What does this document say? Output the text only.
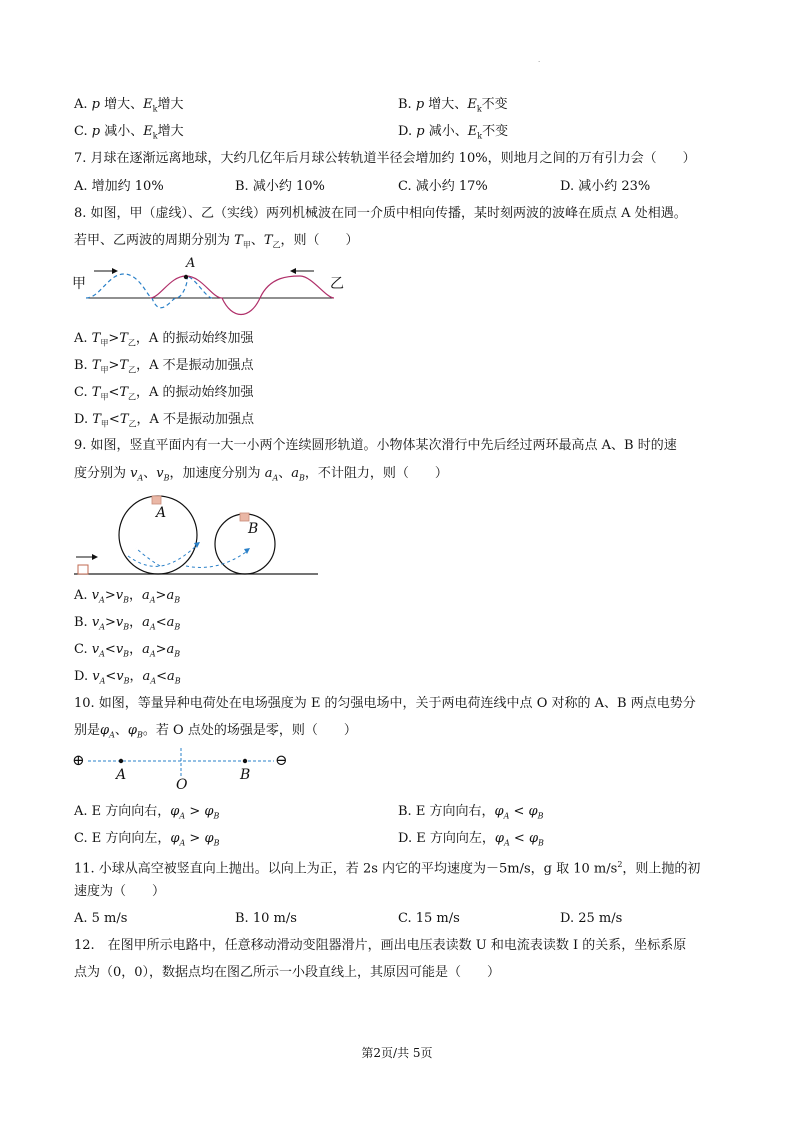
.
A. p 增大、$E_k$增大	B. p 增大、$E_k$不变
C. p 减小、$E_k$增大	D. p 减小、$E_k$不变
7. 月球在逐渐远离地球，大约几亿年后月球公转轨道半径会增加约 10%，则地月之间的万有引力会（　　）
A. 增加约 10%	B. 减小约 10%	C. 减小约 17%	D. 减小约 23%
8. 如图，甲（虚线）、乙（实线）两列机械波在同一介质中相向传播，某时刻两波的波峰在质点 A 处相遇。
若甲、乙两波的周期分别为 $T_甲$、$T_乙$，则（　　）
甲	乙
A
A. $T_甲>T_乙$，A 的振动始终加强
B. $T_甲>T_乙$，A 不是振动加强点
C. $T_甲<T_乙$，A 的振动始终加强
D. $T_甲<T_乙$，A 不是振动加强点
9. 如图，竖直平面内有一大一小两个连续圆形轨道。小物体某次滑行中先后经过两环最高点 A、B 时的速
度分别为 $v_A$、$v_B$，加速度分别为 $a_A$、$a_B$，不计阻力，则（　　）
A
B
A. $v_A>v_B$，$a_A>a_B$
B. $v_A>v_B$，$a_A<a_B$
C. $v_A<v_B$，$a_A>a_B$
D. $v_A<v_B$，$a_A<a_B$
10. 如图，等量异种电荷处在电场强度为 E 的匀强电场中，关于两电荷连线中点 O 对称的 A、B 两点电势分
别是$\varphi_A$、$\varphi_B$。若 O 点处的场强是零，则（　　）
⊕	⊖
A
O
B
A. E 方向向右，$\varphi_A > \varphi_B$	B. E 方向向右，$\varphi_A < \varphi_B$
C. E 方向向左，$\varphi_A > \varphi_B$	D. E 方向向左，$\varphi_A < \varphi_B$
11. 小球从高空被竖直向上抛出。以向上为正，若 2s 内它的平均速度为－5m/s，g 取 10 $m/s^2$，则上抛的初
速度为（　　）
A. 5 m/s	B. 10 m/s	C. 15 m/s	D. 25 m/s
12.　在图甲所示电路中，任意移动滑动变阻器滑片，画出电压表读数 U 和电流表读数 I 的关系，坐标系原
点为（0，0），数据点均在图乙所示一小段直线上，其原因可能是（　　）
第2页/共 5页
